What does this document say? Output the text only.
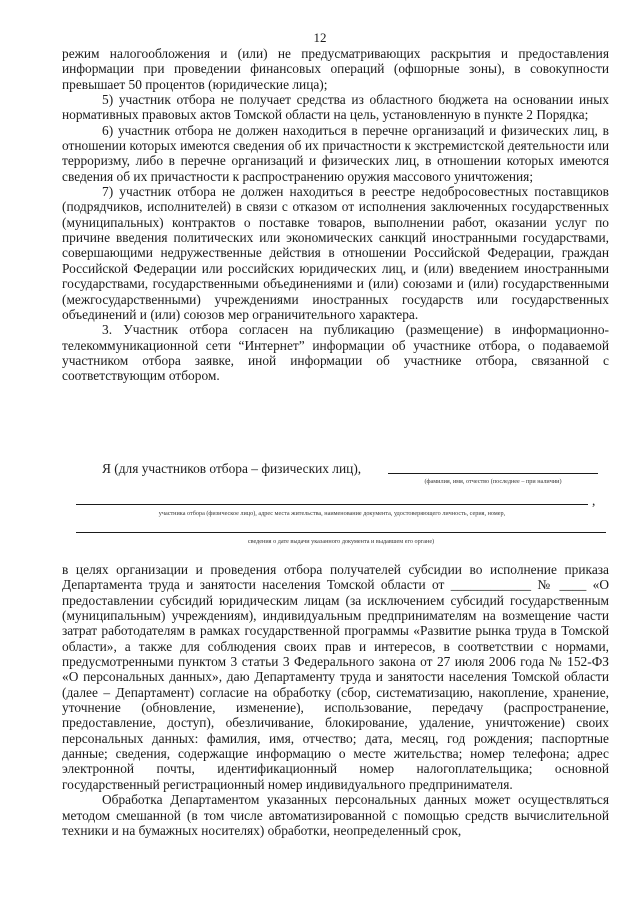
12

режим налогообложения и (или) не предусматривающих раскрытия и предоставления информации при проведении финансовых операций (офшорные зоны), в совокупности превышает 50 процентов (юридические лица);

5) участник отбора не получает средства из областного бюджета на основании иных нормативных правовых актов Томской области на цель, установленную в пункте 2 Порядка;

6) участник отбора не должен находиться в перечне организаций и физических лиц, в отношении которых имеются сведения об их причастности к экстремистской деятельности или терроризму, либо в перечне организаций и физических лиц, в отношении которых имеются сведения об их причастности к распространению оружия массового уничтожения;

7) участник отбора не должен находиться в реестре недобросовестных поставщиков (подрядчиков, исполнителей) в связи с отказом от исполнения заключенных государственных (муниципальных) контрактов о поставке товаров, выполнении работ, оказании услуг по причине введения политических или экономических санкций иностранными государствами, совершающими недружественные действия в отношении Российской Федерации, граждан Российской Федерации или российских юридических лиц, и (или) введением иностранными государствами, государственными объединениями и (или) союзами и (или) государственными (межгосударственными) учреждениями иностранных государств или государственных объединений и (или) союзов мер ограничительного характера.

3. Участник отбора согласен на публикацию (размещение) в информационно-телекоммуникационной сети “Интернет” информации об участнике отбора, о подаваемой участником отбора заявке, иной информации об участнике отбора, связанной с соответствующим отбором.

Я (для участников отбора – физических лиц),
(фамилия, имя, отчество (последнее – при наличии)
,
участника отбора (физическое лицо), адрес места жительства, наименование документа, удостоверяющего личность, серия, номер,
сведения о дате выдачи указанного документа и выдавшем его органе)

в целях организации и проведения отбора получателей субсидии во исполнение приказа Департамента труда и занятости населения Томской области от ____________ № ____ «О предоставлении субсидий юридическим лицам (за исключением субсидий государственным (муниципальным) учреждениям), индивидуальным предпринимателям на возмещение части затрат работодателям в рамках государственной программы «Развитие рынка труда в Томской области», а также для соблюдения своих прав и интересов, в соответствии с нормами, предусмотренными пунктом 3 статьи 3 Федерального закона от 27 июля 2006 года № 152-ФЗ «О персональных данных», даю Департаменту труда и занятости населения Томской области (далее – Департамент) согласие на обработку (сбор, систематизацию, накопление, хранение, уточнение (обновление, изменение), использование, передачу (распространение, предоставление, доступ), обезличивание, блокирование, удаление, уничтожение) своих персональных данных: фамилия, имя, отчество; дата, месяц, год рождения; паспортные данные; сведения, содержащие информацию о месте жительства; номер телефона; адрес электронной почты, идентификационный номер налогоплательщика; основной государственный регистрационный номер индивидуального предпринимателя.

Обработка Департаментом указанных персональных данных может осуществляться методом смешанной (в том числе автоматизированной с помощью средств вычислительной техники и на бумажных носителях) обработки, неопределенный срок,
